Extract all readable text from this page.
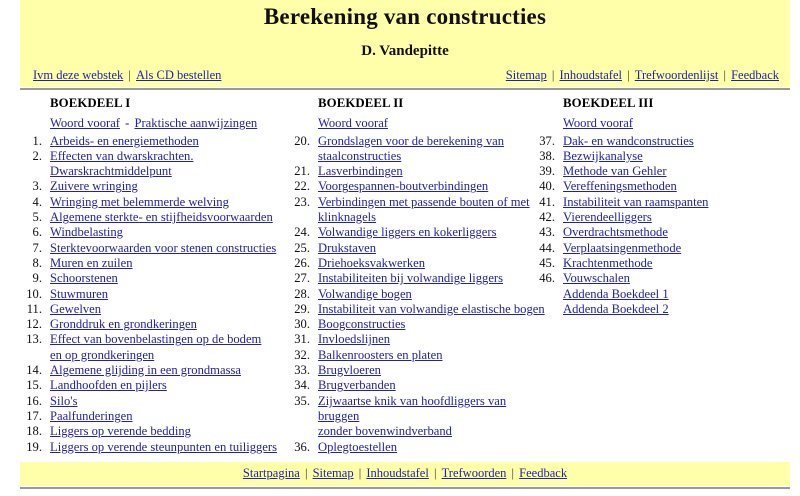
Berekening van constructies
D. Vandepitte
Ivm deze webstek | Als CD bestellen	Sitemap | Inhoudstafel | Trefwoordenlijst | Feedback
BOEKDEEL I
Woord vooraf - Praktische aanwijzingen
1. Arbeids- en energiemethoden
2. Effecten van dwarskrachten.
Dwarskrachtmiddelpunt
3. Zuivere wringing
4. Wringing met belemmerde welving
5. Algemene sterkte- en stijfheidsvoorwaarden
6. Windbelasting
7. Sterktevoorwaarden voor stenen constructies
8. Muren en zuilen
9. Schoorstenen
10. Stuwmuren
11. Gewelven
12. Gronddruk en grondkeringen
13. Effect van bovenbelastingen op de bodem
en op grondkeringen
14. Algemene glijding in een grondmassa
15. Landhoofden en pijlers
16. Silo's
17. Paalfunderingen
18. Liggers op verende bedding
19. Liggers op verende steunpunten en tuiliggers
BOEKDEEL II
Woord vooraf
20. Grondslagen voor de berekening van
staalconstructies
21. Lasverbindingen
22. Voorgespannen-boutverbindingen
23. Verbindingen met passende bouten of met
klinknagels
24. Volwandige liggers en kokerliggers
25. Drukstaven
26. Driehoeksvakwerken
27. Instabiliteiten bij volwandige liggers
28. Volwandige bogen
29. Instabiliteit van volwandige elastische bogen
30. Boogconstructies
31. Invloedslijnen
32. Balkenroosters en platen
33. Brugvloeren
34. Brugverbanden
35. Zijwaartse knik van hoofdliggers van bruggen
zonder bovenwindverband
36. Oplegtoestellen
BOEKDEEL III
Woord vooraf
37. Dak- en wandconstructies
38. Bezwijkanalyse
39. Methode van Gehler
40. Vereffeningsmethoden
41. Instabiliteit van raamspanten
42. Vierendeelliggers
43. Overdrachtsmethode
44. Verplaatsingenmethode
45. Krachtenmethode
46. Vouwschalen
Addenda Boekdeel 1
Addenda Boekdeel 2
Startpagina | Sitemap | Inhoudstafel | Trefwoorden | Feedback
